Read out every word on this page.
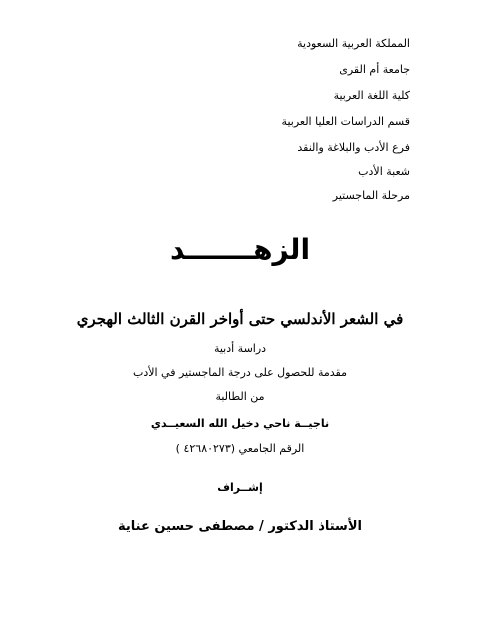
المملكة العربية السعودية
جامعة أم القرى
كلية اللغة العربية
قسم الدراسات العليا العربية
فرع الأدب والبلاغة والنقد
شعبة الأدب
مرحلة الماجستير
الزهـــــــد
في الشعر الأندلسي حتى أواخر القرن الثالث الهجري
دراسة أدبية
مقدمة للحصول على درجة الماجستير في الأدب
من الطالبة
ناجيــة ناحي دخيل الله السعيــدي
الرقم الجامعي (٤٢٦٨٠٢٧٣ )
إشــراف
الأستاذ الدكتور / مصطفى حسين عناية
